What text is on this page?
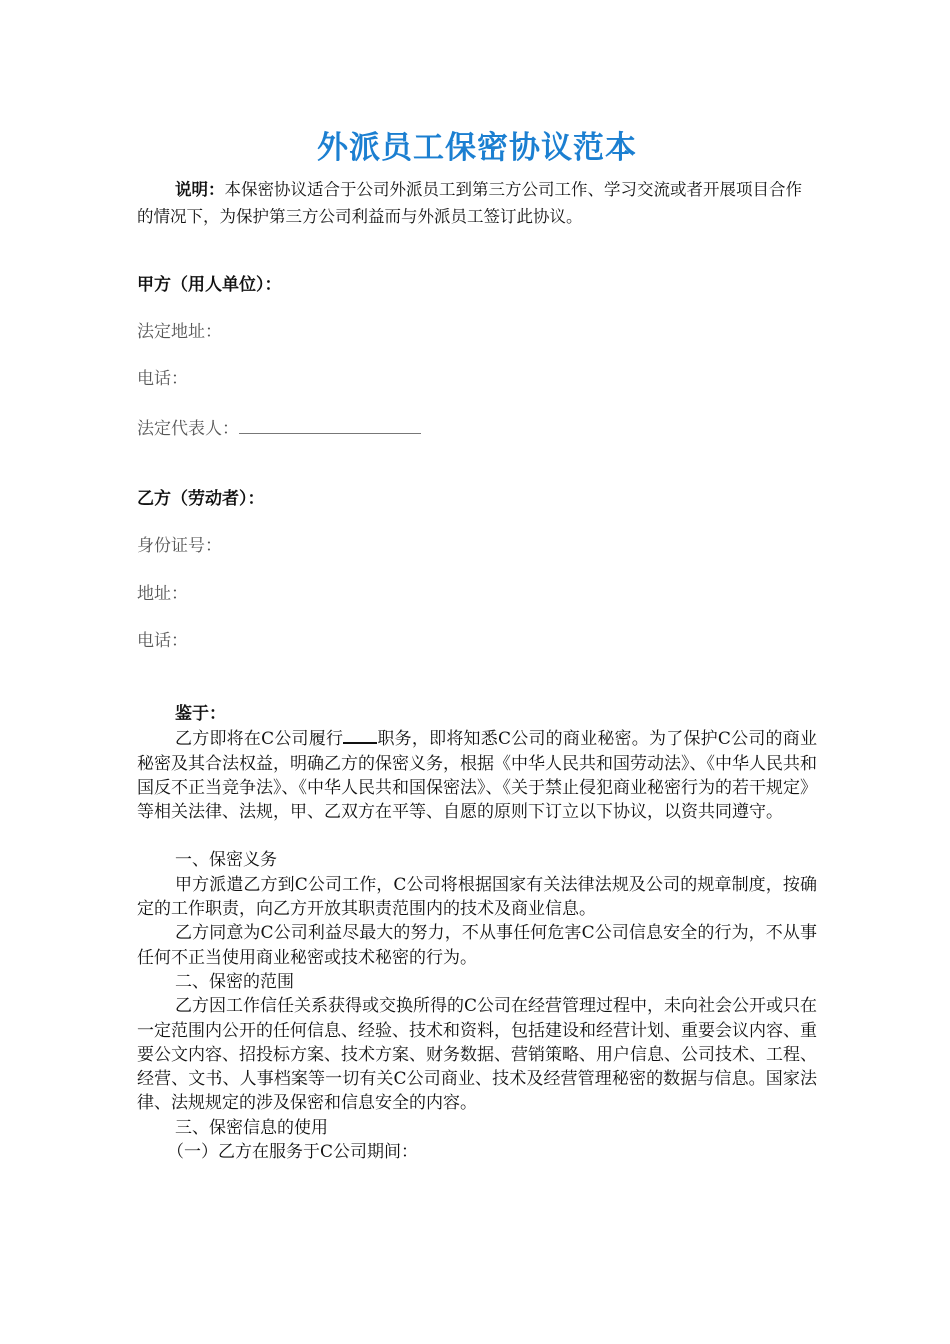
外派员工保密协议范本
说明：本保密协议适合于公司外派员工到第三方公司工作、学习交流或者开展项目合作的情况下，为保护第三方公司利益而与外派员工签订此协议。
甲方（用人单位）：
法定地址：
电话：
法定代表人：
乙方（劳动者）：
身份证号：
地址：
电话：

鉴于：

乙方即将在C公司履行 职务，即将知悉C公司的商业秘密。为了保护C公司的商业秘密及其合法权益，明确乙方的保密义务，根据《中华人民共和国劳动法》、《中华人民共和国反不正当竞争法》、《中华人民共和国保密法》、《关于禁止侵犯商业秘密行为的若干规定》等相关法律、法规，甲、乙双方在平等、自愿的原则下订立以下协议，以资共同遵守。

一、保密义务

甲方派遣乙方到C公司工作，C公司将根据国家有关法律法规及公司的规章制度，按确定的工作职责，向乙方开放其职责范围内的技术及商业信息。

乙方同意为C公司利益尽最大的努力，不从事任何危害C公司信息安全的行为，不从事任何不正当使用商业秘密或技术秘密的行为。

二、保密的范围

乙方因工作信任关系获得或交换所得的C公司在经营管理过程中，未向社会公开或只在一定范围内公开的任何信息、经验、技术和资料，包括建设和经营计划、重要会议内容、重要公文内容、招投标方案、技术方案、财务数据、营销策略、用户信息、公司技术、工程、经营、文书、人事档案等一切有关C公司商业、技术及经营管理秘密的数据与信息。国家法律、法规规定的涉及保密和信息安全的内容。

三、保密信息的使用

（一）乙方在服务于C公司期间：
